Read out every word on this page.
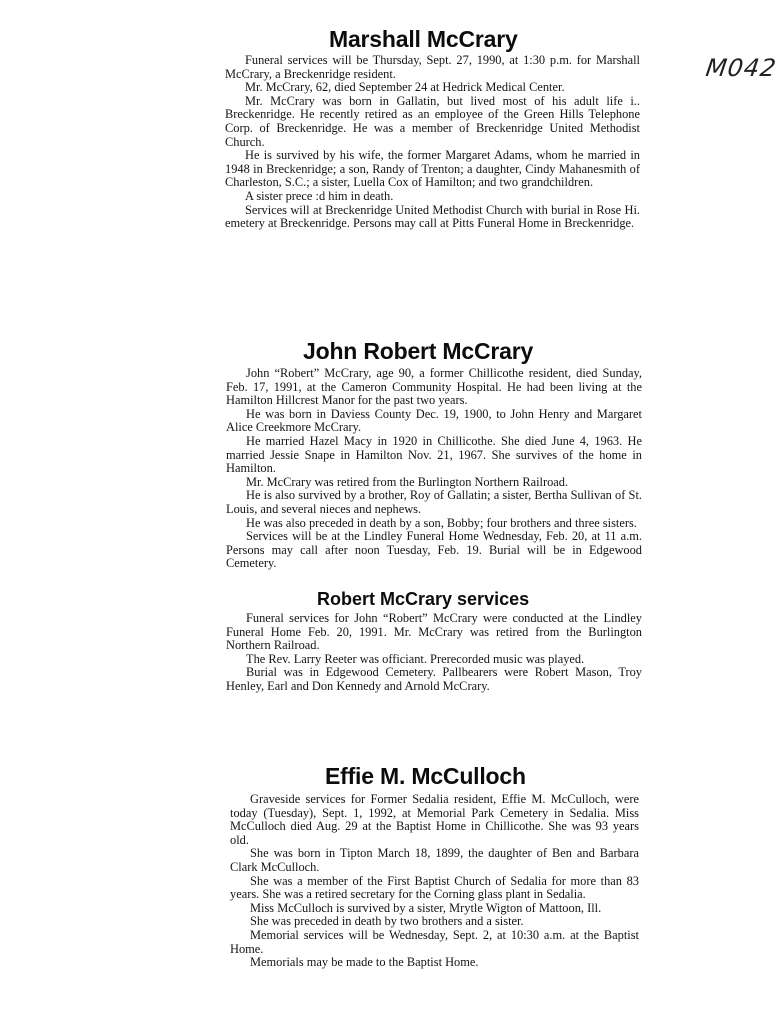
M042
Marshall McCrary

Funeral services will be Thursday, Sept. 27, 1990, at 1:30 p.m. for Marshall McCrary, a Breckenridge resident.

Mr. McCrary, 62, died September 24 at Hedrick Medical Center.

Mr. McCrary was born in Gallatin, but lived most of his adult life i.. Breckenridge. He recently retired as an employee of the Green Hills Telephone Corp. of Breckenridge. He was a member of Breckenridge United Methodist Church.

He is survived by his wife, the former Margaret Adams, whom he married in 1948 in Breckenridge; a son, Randy of Trenton; a daughter, Cindy Mahanesmith of Charleston, S.C.; a sister, Luella Cox of Hamilton; and two grandchildren.

A sister prece :d him in death.

Services will at Breckenridge United Methodist Church with burial in Rose Hi. emetery at Breckenridge. Persons may call at Pitts Funeral Home in Breckenridge.

John Robert McCrary

John “Robert” McCrary, age 90, a former Chillicothe resident, died Sunday, Feb. 17, 1991, at the Cameron Community Hospital. He had been living at the Hamilton Hillcrest Manor for the past two years.

He was born in Daviess County Dec. 19, 1900, to John Henry and Margaret Alice Creekmore McCrary.

He married Hazel Macy in 1920 in Chillicothe. She died June 4, 1963. He married Jessie Snape in Hamilton Nov. 21, 1967. She survives of the home in Hamilton.

Mr. McCrary was retired from the Burlington Northern Railroad.

He is also survived by a brother, Roy of Gallatin; a sister, Bertha Sullivan of St. Louis, and several nieces and nephews.

He was also preceded in death by a son, Bobby; four brothers and three sisters.

Services will be at the Lindley Funeral Home Wednesday, Feb. 20, at 11 a.m. Persons may call after noon Tuesday, Feb. 19. Burial will be in Edgewood Cemetery.

Robert McCrary services

Funeral services for John “Robert” McCrary were conducted at the Lindley Funeral Home Feb. 20, 1991. Mr. McCrary was retired from the Burlington Northern Railroad.

The Rev. Larry Reeter was officiant. Prerecorded music was played.

Burial was in Edgewood Cemetery. Pallbearers were Robert Mason, Troy Henley, Earl and Don Kennedy and Arnold McCrary.

Effie M. McCulloch

Graveside services for Former Sedalia resident, Effie M. McCulloch, were today (Tuesday), Sept. 1, 1992, at Memorial Park Cemetery in Sedalia. Miss McCulloch died Aug. 29 at the Baptist Home in Chillicothe. She was 93 years old.

She was born in Tipton March 18, 1899, the daughter of Ben and Barbara Clark McCulloch.

She was a member of the First Baptist Church of Sedalia for more than 83 years. She was a retired secretary for the Corning glass plant in Sedalia.

Miss McCulloch is survived by a sister, Mrytle Wigton of Mattoon, Ill.

She was preceded in death by two brothers and a sister.

Memorial services will be Wednesday, Sept. 2, at 10:30 a.m. at the Baptist Home.

Memorials may be made to the Baptist Home.
